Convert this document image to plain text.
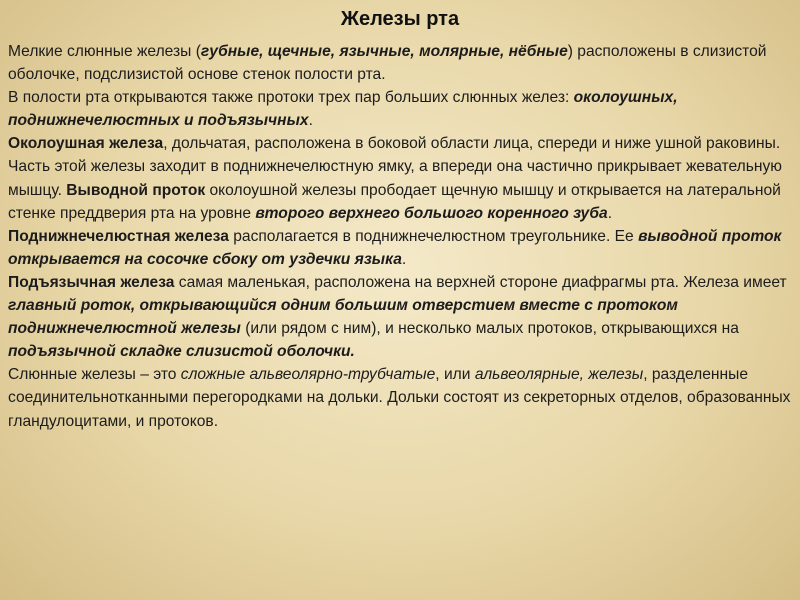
Железы рта

Мелкие слюнные железы (губные, щечные, язычные, молярные, нёбные) расположены в слизистой оболочке, подслизистой основе стенок полости рта.

В полости рта открываются также протоки трех пар больших слюнных желез: околоушных, поднижнечелюстных и подъязычных.

Околоушная железа, дольчатая, расположена в боковой области лица, спереди и ниже ушной раковины. Часть этой железы заходит в поднижнечелюстную ямку, а впереди она частично прикрывает жевательную мышцу. Выводной проток околоушной железы прободает щечную мышцу и открывается на латеральной стенке преддверия рта на уровне второго верхнего большого коренного зуба.

Поднижнечелюстная железа располагается в поднижнечелюстном треугольнике. Ее выводной проток открывается на сосочке сбоку от уздечки языка.

Подъязычная железа самая маленькая, расположена на верхней стороне диафрагмы рта. Железа имеет главный роток, открывающийся одним большим отверстием вместе с протоком поднижнечелюстной железы (или рядом с ним), и несколько малых протоков, открывающихся на подъязычной складке слизистой оболочки.

Слюнные железы – это сложные альвеолярно-трубчатые, или альвеолярные, железы, разделенные соединительнотканными перегородками на дольки. Дольки состоят из секреторных отделов, образованных гландулоцитами, и протоков.
